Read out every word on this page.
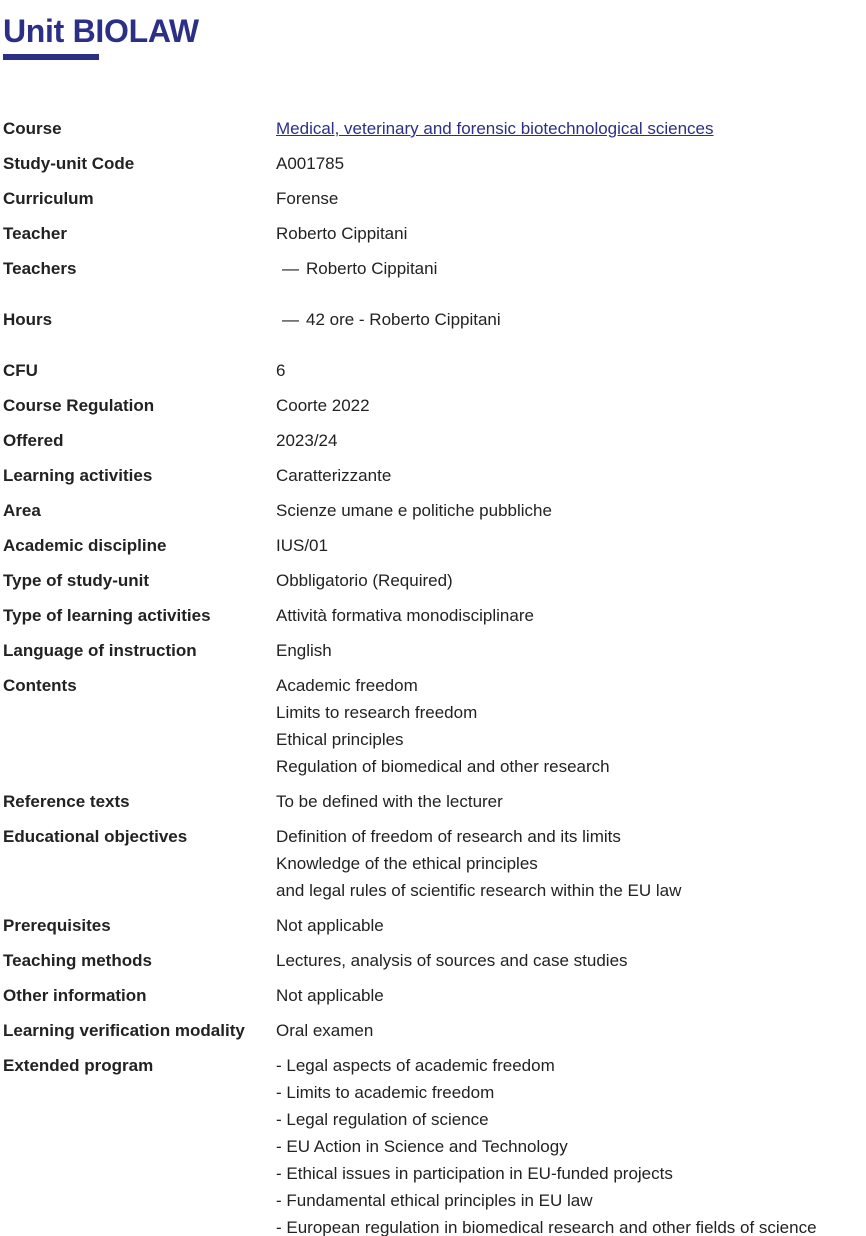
Unit BIOLAW
Course	Medical, veterinary and forensic biotechnological sciences
Study-unit Code	A001785
Curriculum	Forense
Teacher	Roberto Cippitani
Teachers	— Roberto Cippitani
Hours	— 42 ore - Roberto Cippitani
CFU	6
Course Regulation	Coorte 2022
Offered	2023/24
Learning activities	Caratterizzante
Area	Scienze umane e politiche pubbliche
Academic discipline	IUS/01
Type of study-unit	Obbligatorio (Required)
Type of learning activities	Attività formativa monodisciplinare
Language of instruction	English
Contents	Academic freedom
Limits to research freedom
Ethical principles
Regulation of biomedical and other research
Reference texts	To be defined with the lecturer
Educational objectives	Definition of freedom of research and its limits
Knowledge of the ethical principles
and legal rules of scientific research within the EU law
Prerequisites	Not applicable
Teaching methods	Lectures, analysis of sources and case studies
Other information	Not applicable
Learning verification modality	Oral examen
Extended program	- Legal aspects of academic freedom
- Limits to academic freedom
- Legal regulation of science
- EU Action in Science and Technology
- Ethical issues in participation in EU-funded projects
- Fundamental ethical principles in EU law
- European regulation in biomedical research and other fields of science
